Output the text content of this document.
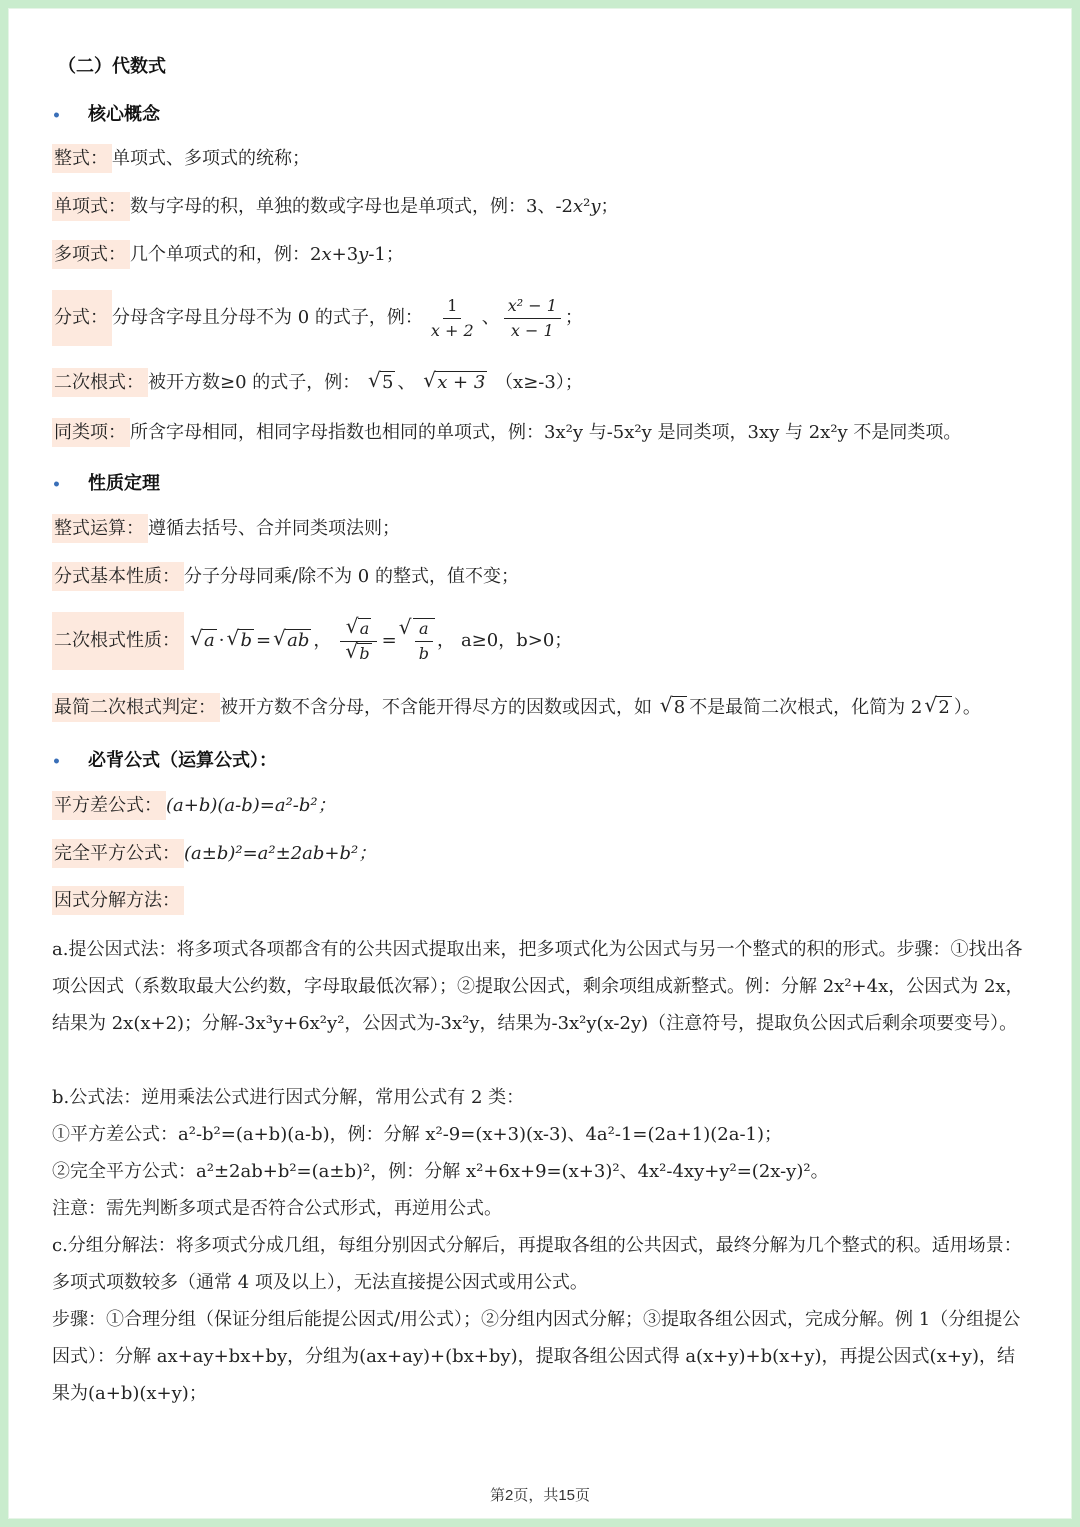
（二）代数式
• 核心概念
整式： 单项式、多项式的统称；
单项式： 数与字母的积，单独的数或字母也是单项式，例：3、-2x²y；
多项式： 几个单项式的和，例：2x+3y-1；
分式： 分母含字母且分母不为 0 的式子，例： $\frac{1}{x + 2}$ 、 $\frac{\text{x² − 1}}{x - 1}$ ；
二次根式： 被开方数≥0 的式子，例： √ 5 、 √ x + 3 （x≥-3）；
同类项： 所含字母相同，相同字母指数也相同的单项式，例：3x²y 与-5x²y 是同类项，3xy 与 2x²y 不是同类项。
• 性质定理
整式运算： 遵循去括号、合并同类项法则；
分式基本性质： 分子分母同乘/除不为 0 的整式，值不变；
二次根式性质：	√ a · √ b = √ ab ， √ a
√ b = √ $\frac{a}{b}$ ， a≥0，b>0；
最简二次根式判定： 被开方数不含分母，不含能开得尽方的因数或因式，如 √ 8 不是最简二次根式，化简为 2 √ 2 ）。
• 必背公式（运算公式）：
平方差公式： (a+b)(a-b)=a²-b²；
完全平方公式： (a±b)²=a²±2ab+b²；
因式分解方法：
a.提公因式法：将多项式各项都含有的公共因式提取出来，把多项式化为公因式与另一个整式的积的形式。步骤：①找出各项公因式（系数取最大公约数，字母取最低次幂）；②提取公因式，剩余项组成新整式。例：分解 2x²+4x，公因式为 2x，结果为 2x(x+2)；分解-3x³y+6x²y²，公因式为-3x²y，结果为-3x²y(x-2y)（注意符号，提取负公因式后剩余项要变号）。
b.公式法：逆用乘法公式进行因式分解，常用公式有 2 类：
①平方差公式：a²-b²=(a+b)(a-b)，例：分解 x²-9=(x+3)(x-3)、4a²-1=(2a+1)(2a-1)；
②完全平方公式：a²±2ab+b²=(a±b)²，例：分解 x²+6x+9=(x+3)²、4x²-4xy+y²=(2x-y)²。
注意：需先判断多项式是否符合公式形式，再逆用公式。
c.分组分解法：将多项式分成几组，每组分别因式分解后，再提取各组的公共因式，最终分解为几个整式的积。适用场景：多项式项数较多（通常 4 项及以上），无法直接提公因式或用公式。
步骤：①合理分组（保证分组后能提公因式/用公式）；②分组内因式分解；③提取各组公因式，完成分解。例 1（分组提公因式）：分解 ax+ay+bx+by，分组为(ax+ay)+(bx+by)，提取各组公因式得 a(x+y)+b(x+y)，再提公因式(x+y)，结果为(a+b)(x+y)；
第2页，共15页
